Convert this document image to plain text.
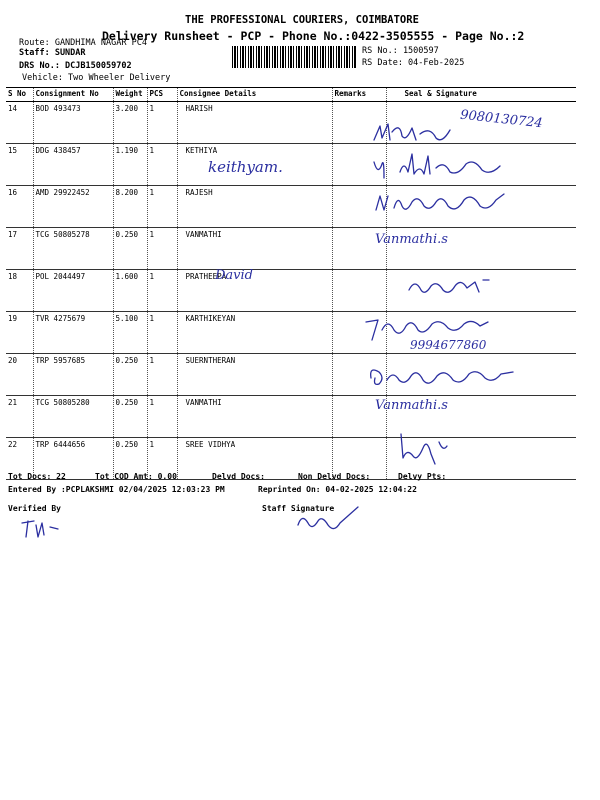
THE PROFESSIONAL COURIERS, COIMBATORE
Delivery Runsheet - PCP - Phone No.:0422-3505555 - Page No.:2
Route: GANDHIMA NAGAR PC4
Staff: SUNDAR
DRS No.: DCJB150059702
Vehicle: Two Wheeler Delivery
RS No.: 1500597
RS Date: 04-Feb-2025
S No	Consignment No	Weight	PCS	Consignee Details	Remarks	Seal & Signature
14	BOD 493473	3.200	1	HARISH		
15	DDG 438457	1.190	1	KETHIYA		
16	AMD 29922452	8.200	1	RAJESH		
17	TCG 50805278	0.250	1	VANMATHI		
18	POL 2044497	1.600	1	PRATHEEPA		
19	TVR 4275679	5.100	1	KARTHIKEYAN		
20	TRP 5957685	0.250	1	SUERNTHERAN		
21	TCG 50805280	0.250	1	VANMATHI		
22	TRP 6444656	0.250	1	SREE VIDHYA		
9080130724
keithyam.
Vanmathi.s
David
9994677860
Vanmathi.s
Tot Docs: 22	Tot COD Amt: 0.00	Delvd Docs:	Non Delvd Docs:	Delvy Pts:
Entered By :PCPLAKSHMI 02/04/2025 12:03:23 PM	Reprinted On: 04-02-2025 12:04:22
Verified By	Staff Signature
